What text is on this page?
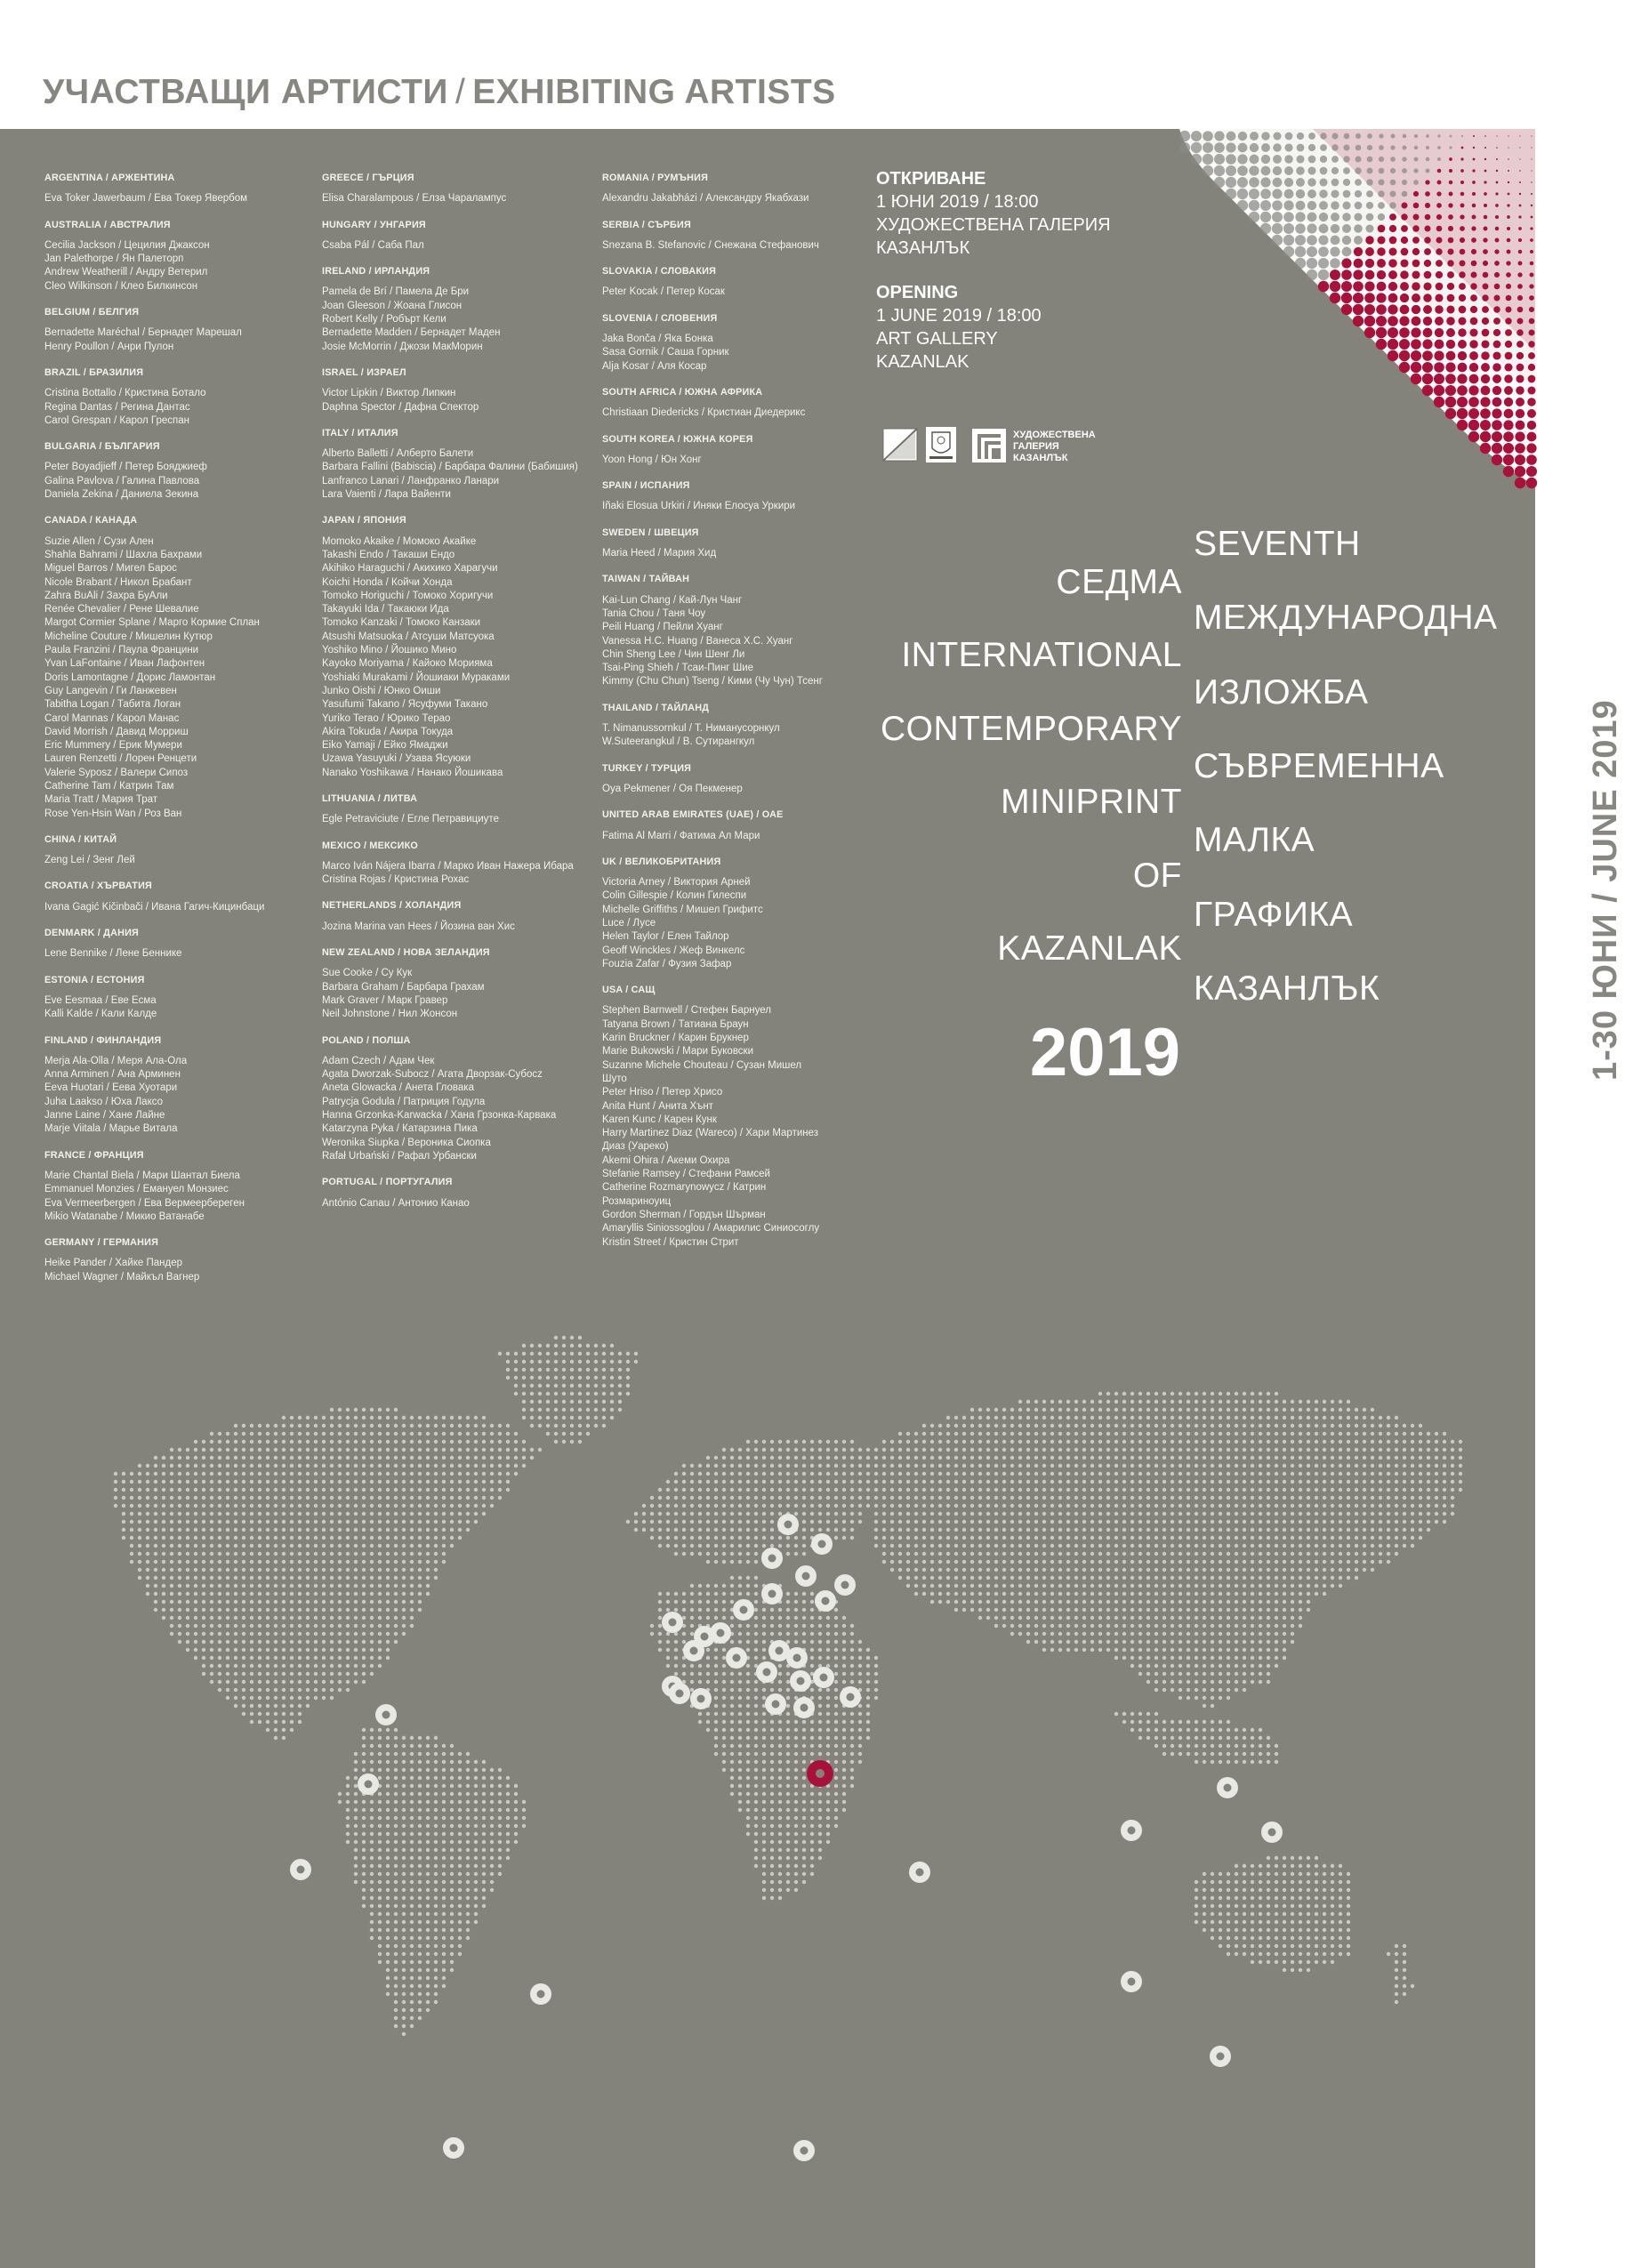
УЧАСТВАЩИ АРТИСТИ / EXHIBITING ARTISTS
ARGENTINA / АРЖЕНТИНА
Eva Toker Jawerbaum / Ева Токер Явербом
AUSTRALIA / АВСТРАЛИЯ
Cecilia Jackson / Цецилия Джаксон
Jan Palethorpe / Ян Палеторп
Andrew Weatherill / Андру Ветерил
Cleo Wilkinson / Клео Билкинсон
BELGIUM / БЕЛГИЯ
Bernadette Maréchal / Бернадет Марешал
Henry Poullon / Анри Пулон
BRAZIL / БРАЗИЛИЯ
Cristina Bottallo / Кристина Ботало
Regina Dantas / Регина Дантас
Carol Grespan / Карол Греспан
BULGARIA / БЪЛГАРИЯ
Peter Boyadjieff / Петер Бояджиеф
Galina Pavlova / Галина Павлова
Daniela Zekina / Даниела Зекина
CANADA / КАНАДА
Suzie Allen / Сузи Ален
Shahla Bahrami / Шахла Бахрами
Miguel Barros / Мигел Барос
Nicole Brabant / Никол Брабант
Zahra BuAli / Захра БуАли
Renée Chevalier / Рене Шевалие
Margot Cormier Splane / Марго Кормие Сплан
Micheline Couture / Мишелин Кутюр
Paula Franzini / Паула Францини
Yvan LaFontaine / Иван Лафонтен
Doris Lamontagne / Дорис Ламонтан
Guy Langevin / Ги Ланжевен
Tabitha Logan / Табита Логан
Carol Mannas / Карол Манас
David Morrish / Давид Морриш
Eric Mummery / Ерик Мумери
Lauren Renzetti / Лорен Ренцети
Valerie Syposz / Валери Сипоз
Catherine Tam / Катрин Там
Maria Tratt / Мария Трат
Rose Yen-Hsin Wan / Роз Ван
CHINA / КИТАЙ
Zeng Lei / Зенг Лей
CROATIA / ХЪРВАТИЯ
Ivana Gagić Kičinbači / Ивана Гагич-Кицинбаци
DENMARK / ДАНИЯ
Lene Bennike / Лене Беннике
ESTONIA / ЕСТОНИЯ
Eve Eesmaa / Еве Есма
Kalli Kalde / Кали Калде
FINLAND / ФИНЛАНДИЯ
Merja Ala-Olla / Меря Ала-Ола
Anna Arminen / Ана Арминен
Eeva Huotari / Еева Хуотари
Juha Laakso / Юха Лаксо
Janne Laine / Хане Лайне
Marje Viitala / Марье Витала
FRANCE / ФРАНЦИЯ
Marie Chantal Biela / Мари Шантал Биела
Emmanuel Monzies / Емануел Монзиес
Eva Vermeerbergen / Ева Вермеербереген
Mikio Watanabe / Микио Ватанабе
GERMANY / ГЕРМАНИЯ
Heike Pander / Хайке Пандер
Michael Wagner / Майкъл Вагнер
GREECE / ГЪРЦИЯ
Elisa Charalampous / Елза Чаралампус
HUNGARY / УНГАРИЯ
Csaba Pál / Саба Пал
IRELAND / ИРЛАНДИЯ
Pamela de Brí / Памела Де Бри
Joan Gleeson / Жоана Глисон
Robert Kelly / Робърт Кели
Bernadette Madden / Бернадет Маден
Josie McMorrin / Джози МакМорин
ISRAEL / ИЗРАЕЛ
Victor Lipkin / Виктор Липкин
Daphna Spector / Дафна Спектор
ITALY / ИТАЛИЯ
Alberto Balletti / Алберто Балети
Barbara Fallini (Babiscia) / Барбара Фалини (Бабишия)
Lanfranco Lanari / Ланфранко Ланари
Lara Vaienti / Лара Вайенти
JAPAN / ЯПОНИЯ
Momoko Akaike / Момоко Акайке
Takashi Endo / Такаши Ендо
Akihiko Haraguchi / Акихико Харагучи
Koichi Honda / Койчи Хонда
Tomoko Horiguchi / Томоко Хоригучи
Takayuki Ida / Такаюки Ида
Tomoko Kanzaki / Томоко Канзаки
Atsushi Matsuoka / Атсуши Матсуока
Yoshiko Mino / Йошико Мино
Kayoko Moriyama / Кайоко Морияма
Yoshiaki Murakami / Йошиаки Мураками
Junko Oishi / Юнко Оиши
Yasufumi Takano / Ясуфуми Такано
Yuriko Terao / Юрико Терао
Akira Tokuda / Акира Токуда
Eiko Yamaji / Ейко Ямаджи
Uzawa Yasuyuki / Узава Ясуюки
Nanako Yoshikawa / Нанако Йошикава
LITHUANIA / ЛИТВА
Egle Petraviciute / Егле Петравициуте
MEXICO / МЕКСИКО
Marco Iván Nájera Ibarra / Марко Иван Нажера Ибара
Cristina Rojas / Кристина Рохас
NETHERLANDS / ХОЛАНДИЯ
Jozina Marina van Hees / Йозина ван Хис
NEW ZEALAND / НОВА ЗЕЛАНДИЯ
Sue Cooke / Су Кук
Barbara Graham / Барбара Грахам
Mark Graver / Марк Гравер
Neil Johnstone / Нил Жонсон
POLAND / ПОЛША
Adam Czech / Адам Чек
Agata Dworzak-Subocz / Агата Дворзак-Субоcz
Aneta Glowacka / Анета Гловака
Patrycja Godula / Патриция Годула
Hanna Grzonka-Karwacka / Хана Грзонка-Карвака
Katarzyna Pyka / Катарзина Пика
Weronika Siupka / Вероника Сиопка
Rafał Urbański / Рафал Урбански
PORTUGAL / ПОРТУГАЛИЯ
António Canau / Антонио Канао
ROMANIA / РУМЪНИЯ
Alexandru Jakabházi / Александру Якабхази
SERBIA / СЪРБИЯ
Snezana B. Stefanovic / Снежана Стефанович
SLOVAKIA / СЛОВАКИЯ
Peter Kocak / Петер Косак
SLOVENIA / СЛОВЕНИЯ
Jaka Bonča / Яка Бонка
Sasa Gornik / Саша Горник
Alja Kosar / Аля Косар
SOUTH AFRICA / ЮЖНА АФРИКА
Christiaan Diedericks / Кристиан Диедерикс
SOUTH KOREA / ЮЖНА КОРЕЯ
Yoon Hong / Юн Хонг
SPAIN / ИСПАНИЯ
Iñaki Elosua Urkiri / Иняки Елосуа Уркири
SWEDEN / ШВЕЦИЯ
Maria Heed / Мария Хид
TAIWAN / ТАЙВАН
Kai-Lun Chang / Кай-Лун Чанг
Tania Chou / Таня Чоу
Peili Huang / Пейли Хуанг
Vanessa H.C. Huang / Ванеса Х.С. Хуанг
Chin Sheng Lee / Чин Шенг Ли
Tsai-Ping Shieh / Тсаи-Пинг Шие
Kimmy (Chu Chun) Tseng / Кими (Чу Чун) Тсенг
THAILAND / ТАЙЛАНД
T. Nimanussornkul / Т. Ниманусорнкул
W.Suteerangkul / В. Сутирангкул
TURKEY / ТУРЦИЯ
Oya Pekmener / Оя Пекменер
UNITED ARAB EMIRATES (UAE) / ОАЕ
Fatima Al Marri / Фатима Ал Мари
UK / ВЕЛИКОБРИТАНИЯ
Victoria Arney / Виктория Арней
Colin Gillespie / Колин Гилеспи
Michelle Griffiths / Мишел Грифитс
Luce / Луcе
Helen Taylor / Елен Тайлор
Geoff Winckles / Жеф Винкелс
Fouzia Zafar / Фузия Зафар
USA / САЩ
Stephen Barnwell / Стефен Барнуел
Tatyana Brown / Татиана Браун
Karin Bruckner / Карин Брукнер
Marie Bukowski / Мари Буковски
Suzanne Michele Chouteau / Сузан Мишел
Шуто
Peter Hriso / Петер Хрисо
Anita Hunt / Анита Хънт
Karen Kunc / Карен Кунк
Harry Martinez Diaz (Wareco) / Хари Мартинез
Диаз (Уареко)
Akemi Ohira / Акеми Охира
Stefanie Ramsey / Стефани Рамсей
Catherine Rozmarynowycz / Катрин
Розмариноуиц
Gordon Sherman / Гордън Шърман
Amaryllis Siniossoglou / Амарилис Синиосоглу
Kristin Street / Кристин Стрит
ОТКРИВАНЕ
1 ЮНИ 2019 / 18:00
ХУДОЖЕСТВЕНА ГАЛЕРИЯ
КАЗАНЛЪК
OPENING
1 JUNE 2019 / 18:00
ART GALLERY
KAZANLAK
ХУДОЖЕСТВЕНА
ГАЛЕРИЯ
КАЗАНЛЪК
СЕДМА
INTERNATIONAL
CONTEMPORARY
MINIPRINT
OF
KAZANLAK
SEVENTH
МЕЖДУНАРОДНА
ИЗЛОЖБА
СЪВРЕМЕННА
МАЛКА
ГРАФИКА
КАЗАНЛЪК
2019	1-30 ЮНИ / JUNE 2019
